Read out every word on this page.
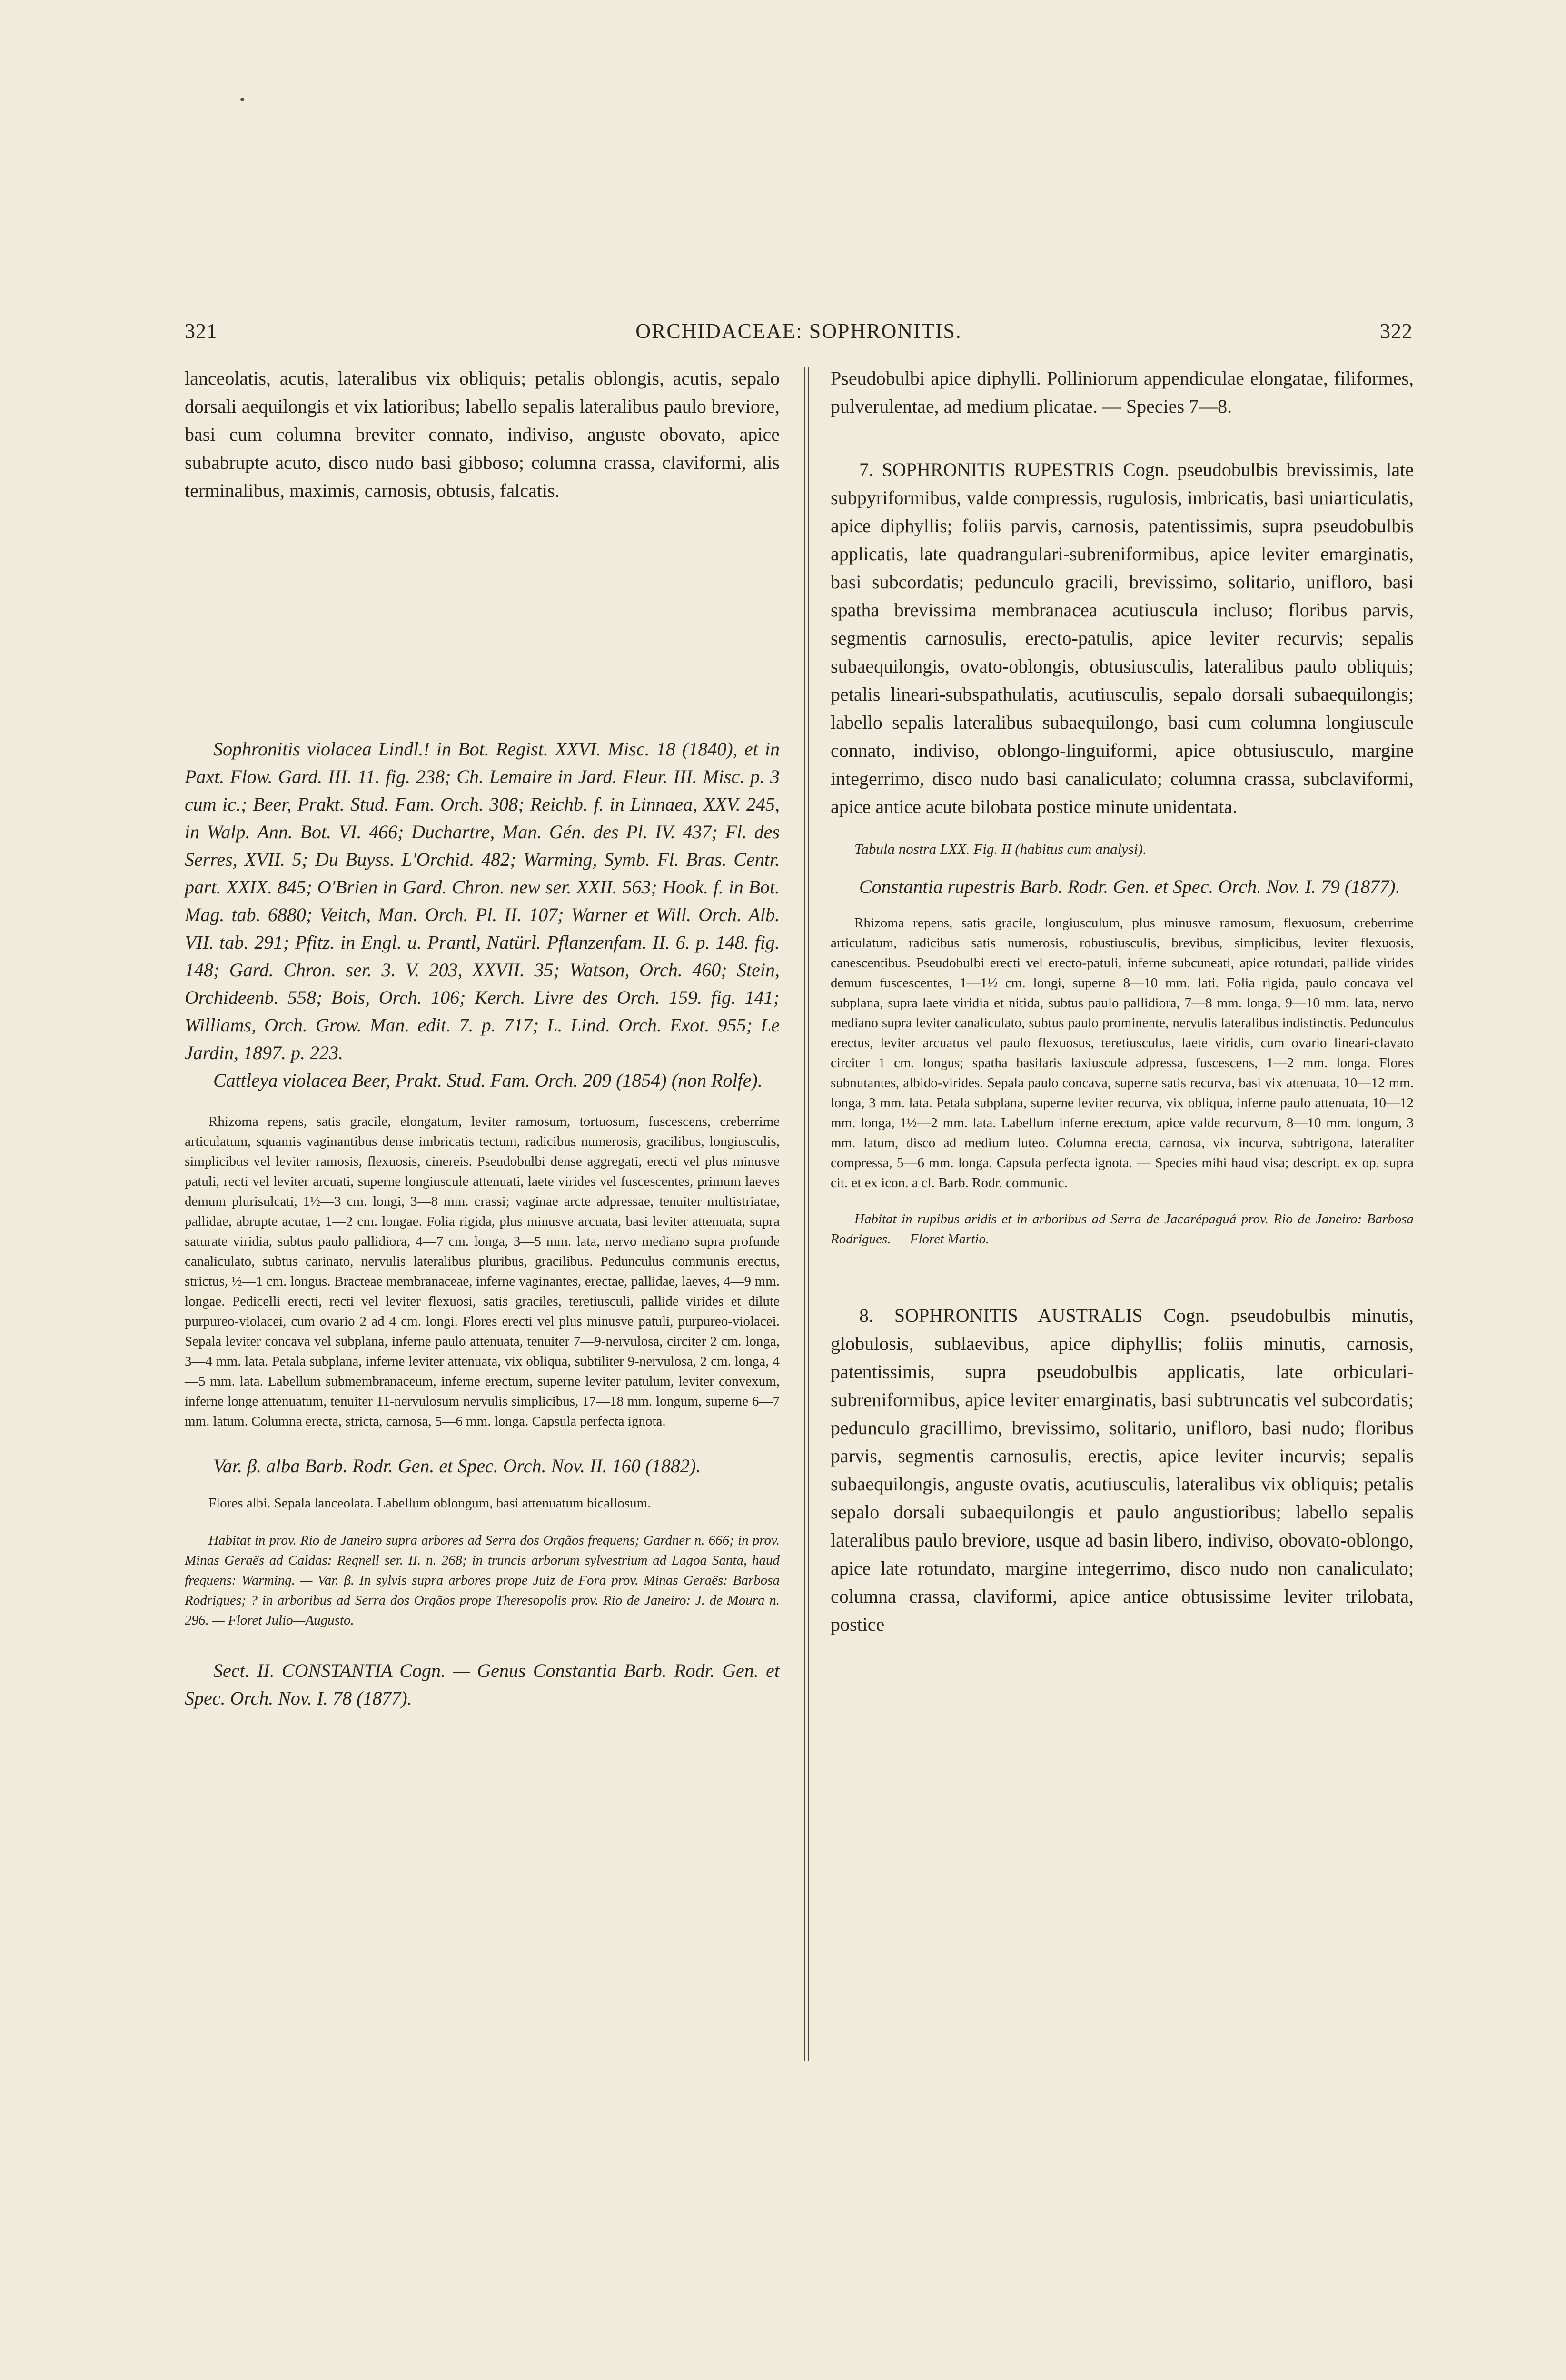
321	ORCHIDACEAE: SOPHRONITIS.	322

lanceolatis, acutis, lateralibus vix obliquis; petalis oblongis, acutis, sepalo dorsali aequilongis et vix latioribus; labello sepalis lateralibus paulo breviore, basi cum columna breviter connato, indiviso, anguste obovato, apice subabrupte acuto, disco nudo basi gibboso; columna crassa, claviformi, alis terminalibus, maximis, carnosis, obtusis, falcatis.

Sophronitis violacea Lindl.! in Bot. Regist. XXVI. Misc. 18 (1840), et in Paxt. Flow. Gard. III. 11. fig. 238; Ch. Lemaire in Jard. Fleur. III. Misc. p. 3 cum ic.; Beer, Prakt. Stud. Fam. Orch. 308; Reichb. f. in Linnaea, XXV. 245, in Walp. Ann. Bot. VI. 466; Duchartre, Man. Gén. des Pl. IV. 437; Fl. des Serres, XVII. 5; Du Buyss. L'Orchid. 482; Warming, Symb. Fl. Bras. Centr. part. XXIX. 845; O'Brien in Gard. Chron. new ser. XXII. 563; Hook. f. in Bot. Mag. tab. 6880; Veitch, Man. Orch. Pl. II. 107; Warner et Will. Orch. Alb. VII. tab. 291; Pfitz. in Engl. u. Prantl, Natürl. Pflanzenfam. II. 6. p. 148. fig. 148; Gard. Chron. ser. 3. V. 203, XXVII. 35; Watson, Orch. 460; Stein, Orchideenb. 558; Bois, Orch. 106; Kerch. Livre des Orch. 159. fig. 141; Williams, Orch. Grow. Man. edit. 7. p. 717; L. Lind. Orch. Exot. 955; Le Jardin, 1897. p. 223.

Cattleya violacea Beer, Prakt. Stud. Fam. Orch. 209 (1854) (non Rolfe).

Rhizoma repens, satis gracile, elongatum, leviter ramosum, tortuosum, fuscescens, creberrime articulatum, squamis vaginantibus dense imbricatis tectum, radicibus numerosis, gracilibus, longiusculis, simplicibus vel leviter ramosis, flexuosis, cinereis. Pseudobulbi dense aggregati, erecti vel plus minusve patuli, recti vel leviter arcuati, superne longiuscule attenuati, laete virides vel fuscescentes, primum laeves demum plurisulcati, 1½—3 cm. longi, 3—8 mm. crassi; vaginae arcte adpressae, tenuiter multistriatae, pallidae, abrupte acutae, 1—2 cm. longae. Folia rigida, plus minusve arcuata, basi leviter attenuata, supra saturate viridia, subtus paulo pallidiora, 4—7 cm. longa, 3—5 mm. lata, nervo mediano supra profunde canaliculato, subtus carinato, nervulis lateralibus pluribus, gracilibus. Pedunculus communis erectus, strictus, ½—1 cm. longus. Bracteae membranaceae, inferne vaginantes, erectae, pallidae, laeves, 4—9 mm. longae. Pedicelli erecti, recti vel leviter flexuosi, satis graciles, teretiusculi, pallide virides et dilute purpureo-violacei, cum ovario 2 ad 4 cm. longi. Flores erecti vel plus minusve patuli, purpureo-violacei. Sepala leviter concava vel subplana, inferne paulo attenuata, tenuiter 7—9-nervulosa, circiter 2 cm. longa, 3—4 mm. lata. Petala subplana, inferne leviter attenuata, vix obliqua, subtiliter 9-nervulosa, 2 cm. longa, 4—5 mm. lata. Labellum submembranaceum, inferne erectum, superne leviter patulum, leviter convexum, inferne longe attenuatum, tenuiter 11-nervulosum nervulis simplicibus, 17—18 mm. longum, superne 6—7 mm. latum. Columna erecta, stricta, carnosa, 5—6 mm. longa. Capsula perfecta ignota.

Var. β. alba Barb. Rodr. Gen. et Spec. Orch. Nov. II. 160 (1882).

Flores albi. Sepala lanceolata. Labellum oblongum, basi attenuatum bicallosum.

Habitat in prov. Rio de Janeiro supra arbores ad Serra dos Orgãos frequens; Gardner n. 666; in prov. Minas Geraës ad Caldas: Regnell ser. II. n. 268; in truncis arborum sylvestrium ad Lagoa Santa, haud frequens: Warming. — Var. β. In sylvis supra arbores prope Juiz de Fora prov. Minas Geraës: Barbosa Rodrigues; ? in arboribus ad Serra dos Orgãos prope Theresopolis prov. Rio de Janeiro: J. de Moura n. 296. — Floret Julio—Augusto.

Sect. II. CONSTANTIA Cogn. — Genus Constantia Barb. Rodr. Gen. et Spec. Orch. Nov. I. 78 (1877).

Pseudobulbi apice diphylli. Polliniorum appendiculae elongatae, filiformes, pulverulentae, ad medium plicatae. — Species 7—8.

7. SOPHRONITIS RUPESTRIS Cogn. pseudobulbis brevissimis, late subpyriformibus, valde compressis, rugulosis, imbricatis, basi uniarticulatis, apice diphyllis; foliis parvis, carnosis, patentissimis, supra pseudobulbis applicatis, late quadrangulari-subreniformibus, apice leviter emarginatis, basi subcordatis; pedunculo gracili, brevissimo, solitario, unifloro, basi spatha brevissima membranacea acutiuscula incluso; floribus parvis, segmentis carnosulis, erecto-patulis, apice leviter recurvis; sepalis subaequilongis, ovato-oblongis, obtusiusculis, lateralibus paulo obliquis; petalis lineari-subspathulatis, acutiusculis, sepalo dorsali subaequilongis; labello sepalis lateralibus subaequilongo, basi cum columna longiuscule connato, indiviso, oblongo-linguiformi, apice obtusiusculo, margine integerrimo, disco nudo basi canaliculato; columna crassa, subclaviformi, apice antice acute bilobata postice minute unidentata.

Tabula nostra LXX. Fig. II (habitus cum analysi).

Constantia rupestris Barb. Rodr. Gen. et Spec. Orch. Nov. I. 79 (1877).

Rhizoma repens, satis gracile, longiusculum, plus minusve ramosum, flexuosum, creberrime articulatum, radicibus satis numerosis, robustiusculis, brevibus, simplicibus, leviter flexuosis, canescentibus. Pseudobulbi erecti vel erecto-patuli, inferne subcuneati, apice rotundati, pallide virides demum fuscescentes, 1—1½ cm. longi, superne 8—10 mm. lati. Folia rigida, paulo concava vel subplana, supra laete viridia et nitida, subtus paulo pallidiora, 7—8 mm. longa, 9—10 mm. lata, nervo mediano supra leviter canaliculato, subtus paulo prominente, nervulis lateralibus indistinctis. Pedunculus erectus, leviter arcuatus vel paulo flexuosus, teretiusculus, laete viridis, cum ovario lineari-clavato circiter 1 cm. longus; spatha basilaris laxiuscule adpressa, fuscescens, 1—2 mm. longa. Flores subnutantes, albido-virides. Sepala paulo concava, superne satis recurva, basi vix attenuata, 10—12 mm. longa, 3 mm. lata. Petala subplana, superne leviter recurva, vix obliqua, inferne paulo attenuata, 10—12 mm. longa, 1½—2 mm. lata. Labellum inferne erectum, apice valde recurvum, 8—10 mm. longum, 3 mm. latum, disco ad medium luteo. Columna erecta, carnosa, vix incurva, subtrigona, lateraliter compressa, 5—6 mm. longa. Capsula perfecta ignota. — Species mihi haud visa; descript. ex op. supra cit. et ex icon. a cl. Barb. Rodr. communic.

Habitat in rupibus aridis et in arboribus ad Serra de Jacarépaguá prov. Rio de Janeiro: Barbosa Rodrigues. — Floret Martio.

8. SOPHRONITIS AUSTRALIS Cogn. pseudobulbis minutis, globulosis, sublaevibus, apice diphyllis; foliis minutis, carnosis, patentissimis, supra pseudobulbis applicatis, late orbiculari-subreniformibus, apice leviter emarginatis, basi subtruncatis vel subcordatis; pedunculo gracillimo, brevissimo, solitario, unifloro, basi nudo; floribus parvis, segmentis carnosulis, erectis, apice leviter incurvis; sepalis subaequilongis, anguste ovatis, acutiusculis, lateralibus vix obliquis; petalis sepalo dorsali subaequilongis et paulo angustioribus; labello sepalis lateralibus paulo breviore, usque ad basin libero, indiviso, obovato-oblongo, apice late rotundato, margine integerrimo, disco nudo non canaliculato; columna crassa, claviformi, apice antice obtusissime leviter trilobata, postice
